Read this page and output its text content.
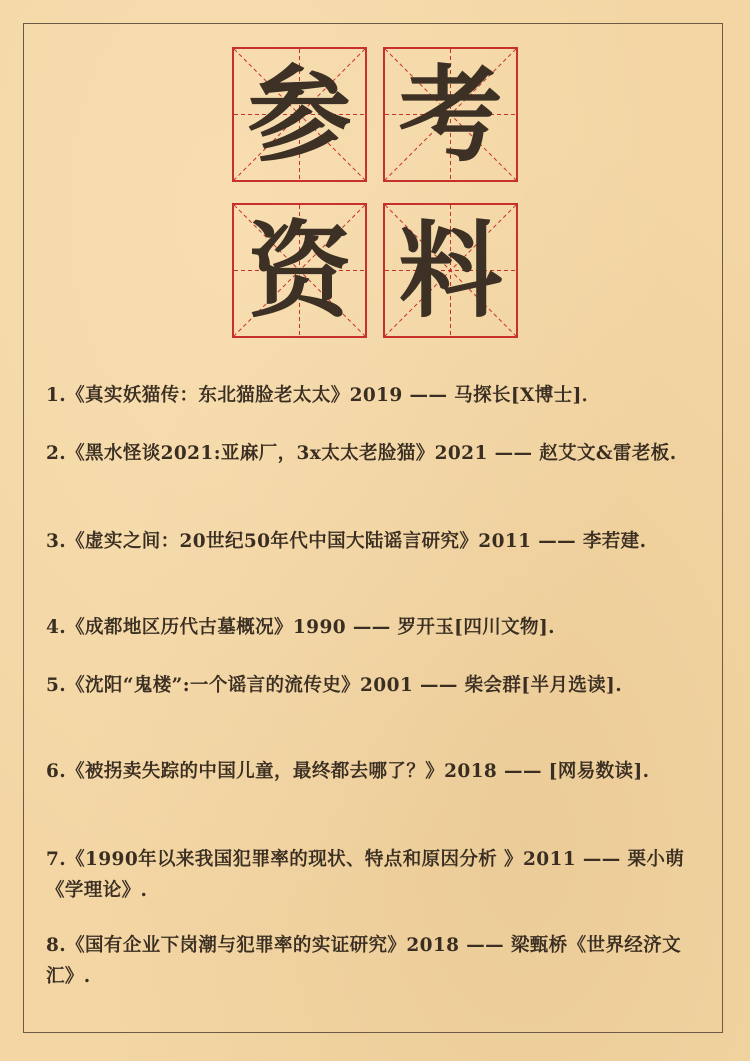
参 考
资 料
1.《真实妖猫传：东北猫脸老太太》2019 —— 马探长[X博士]．
2.《黑水怪谈2021:亚麻厂，3x太太老脸猫》2021 —— 赵艾文&雷老板.
3.《虚实之间：20世纪50年代中国大陆谣言研究》2011 —— 李若建.
4.《成都地区历代古墓概况》1990 —— 罗开玉[四川文物].
5.《沈阳“鬼楼”:一个谣言的流传史》2001 —— 柴会群[半月选读].
6.《被拐卖失踪的中国儿童，最终都去哪了？》2018 —— [网易数读].
7.《1990年以来我国犯罪率的现状、特点和原因分析 》2011 —— 栗小萌《学理论》.
8.《国有企业下岗潮与犯罪率的实证研究》2018 —— 梁甄桥《世界经济文汇》.
